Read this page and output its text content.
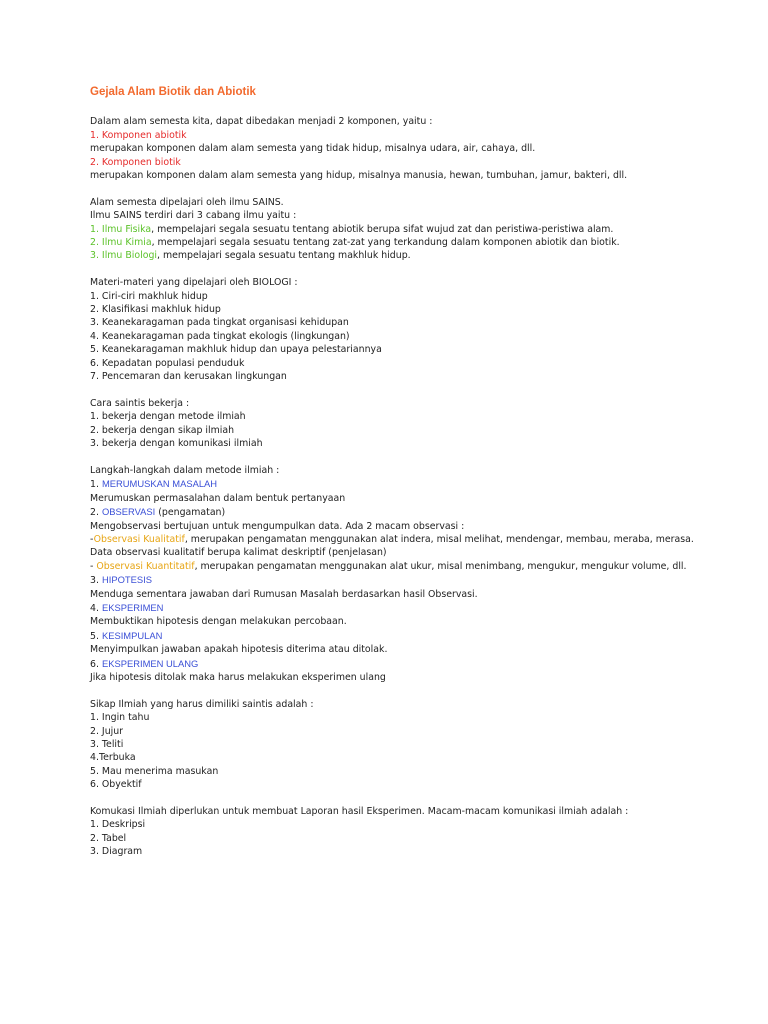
Gejala Alam Biotik dan Abiotik
Dalam alam semesta kita, dapat dibedakan menjadi 2 komponen, yaitu :
1. Komponen abiotik
merupakan komponen dalam alam semesta yang tidak hidup, misalnya udara, air, cahaya, dll.
2. Komponen biotik
merupakan komponen dalam alam semesta yang hidup, misalnya manusia, hewan, tumbuhan, jamur, bakteri, dll.
Alam semesta dipelajari oleh ilmu SAINS.
Ilmu SAINS terdiri dari 3 cabang ilmu yaitu :
1. Ilmu Fisika, mempelajari segala sesuatu tentang abiotik berupa sifat wujud zat dan peristiwa-peristiwa alam.
2. Ilmu Kimia, mempelajari segala sesuatu tentang zat-zat yang terkandung dalam komponen abiotik dan biotik.
3. Ilmu Biologi, mempelajari segala sesuatu tentang makhluk hidup.
Materi-materi yang dipelajari oleh BIOLOGI :
1. Ciri-ciri makhluk hidup
2. Klasifikasi makhluk hidup
3. Keanekaragaman pada tingkat organisasi kehidupan
4. Keanekaragaman pada tingkat ekologis (lingkungan)
5. Keanekaragaman makhluk hidup dan upaya pelestariannya
6. Kepadatan populasi penduduk
7. Pencemaran dan kerusakan lingkungan
Cara saintis bekerja :
1. bekerja dengan metode ilmiah
2. bekerja dengan sikap ilmiah
3. bekerja dengan komunikasi ilmiah
Langkah-langkah dalam metode ilmiah :
1. MERUMUSKAN MASALAH
Merumuskan permasalahan dalam bentuk pertanyaan
2. OBSERVASI (pengamatan)
Mengobservasi bertujuan untuk mengumpulkan data. Ada 2 macam observasi :
-Observasi Kualitatif, merupakan pengamatan menggunakan alat indera, misal melihat, mendengar, membau, meraba, merasa.
Data observasi kualitatif berupa kalimat deskriptif (penjelasan)
- Observasi Kuantitatif, merupakan pengamatan menggunakan alat ukur, misal menimbang, mengukur, mengukur volume, dll.
3. HIPOTESIS
Menduga sementara jawaban dari Rumusan Masalah berdasarkan hasil Observasi.
4. EKSPERIMEN
Membuktikan hipotesis dengan melakukan percobaan.
5. KESIMPULAN
Menyimpulkan jawaban apakah hipotesis diterima atau ditolak.
6. EKSPERIMEN ULANG
Jika hipotesis ditolak maka harus melakukan eksperimen ulang
Sikap Ilmiah yang harus dimiliki saintis adalah :
1. Ingin tahu
2. Jujur
3. Teliti
4.Terbuka
5. Mau menerima masukan
6. Obyektif
Komukasi Ilmiah diperlukan untuk membuat Laporan hasil Eksperimen. Macam-macam komunikasi ilmiah adalah :
1. Deskripsi
2. Tabel
3. Diagram
